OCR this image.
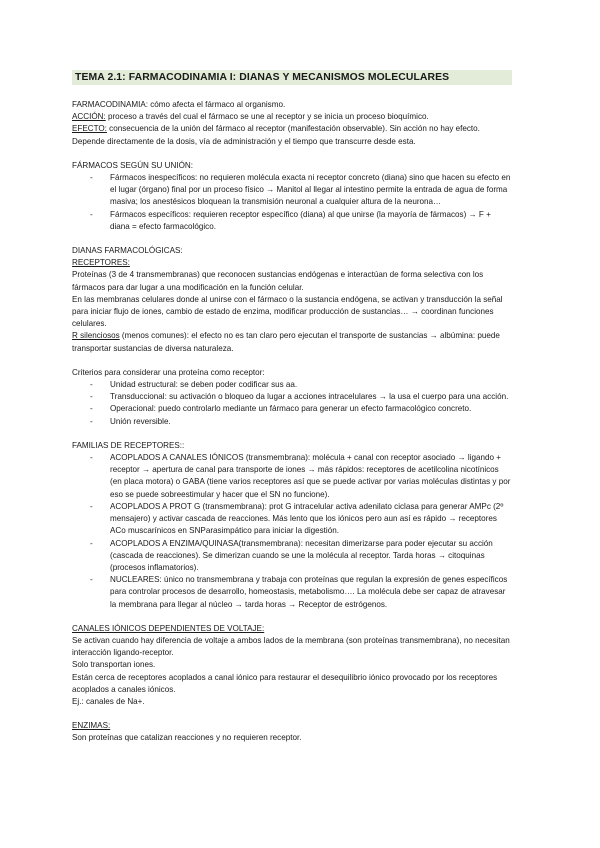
TEMA 2.1: FARMACODINAMIA I: DIANAS Y MECANISMOS MOLECULARES

FARMACODINAMIA: cómo afecta el fármaco al organismo.

ACCIÓN: proceso a través del cual el fármaco se une al receptor y se inicia un proceso bioquímico.

EFECTO: consecuencia de la unión del fármaco al receptor (manifestación observable). Sin acción no hay efecto. Depende directamente de la dosis, vía de administración y el tiempo que transcurre desde esta.

FÁRMACOS SEGÚN SU UNIÓN:

- Fármacos inespecíficos: no requieren molécula exacta ni receptor concreto (diana) sino que hacen su efecto en el lugar (órgano) final por un proceso físico → Manitol al llegar al intestino permite la entrada de agua de forma masiva; los anestésicos bloquean la transmisión neuronal a cualquier altura de la neurona…
- Fármacos específicos: requieren receptor específico (diana) al que unirse (la mayoría de fármacos) → F + diana = efecto farmacológico.

DIANAS FARMACOLÓGICAS:

RECEPTORES:

Proteínas (3 de 4 transmembranas) que reconocen sustancias endógenas e interactúan de forma selectiva con los fármacos para dar lugar a una modificación en la función celular.

En las membranas celulares donde al unirse con el fármaco o la sustancia endógena, se activan y transducción la señal para iniciar flujo de iones, cambio de estado de enzima, modificar producción de sustancias… → coordinan funciones celulares.

R silenciosos (menos comunes): el efecto no es tan claro pero ejecutan el transporte de sustancias → albúmina: puede transportar sustancias de diversa naturaleza.

Criterios para considerar una proteína como receptor:

- Unidad estructural: se deben poder codificar sus aa.
- Transduccional: su activación o bloqueo da lugar a acciones intracelulares → la usa el cuerpo para una acción.
- Operacional: puedo controlarlo mediante un fármaco para generar un efecto farmacológico concreto.
- Unión reversible.

FAMILIAS DE RECEPTORES::

- ACOPLADOS A CANALES IÓNICOS (transmembrana): molécula + canal con receptor asociado → ligando + receptor → apertura de canal para transporte de iones → más rápidos: receptores de acetilcolina nicotínicos (en placa motora) o GABA (tiene varios receptores así que se puede activar por varias moléculas distintas y por eso se puede sobreestimular y hacer que el SN no funcione).
- ACOPLADOS A PROT G (transmembrana): prot G intracelular activa adenilato ciclasa para generar AMPc (2º mensajero) y activar cascada de reacciones. Más lento que los iónicos pero aun así es rápido → receptores ACo muscarínicos en SNParasimpático para iniciar la digestión.
- ACOPLADOS A ENZIMA/QUINASA(transmembrana): necesitan dimerizarse para poder ejecutar su acción (cascada de reacciones). Se dimerizan cuando se une la molécula al receptor. Tarda horas → citoquinas (procesos inflamatorios).
- NUCLEARES: único no transmembrana y trabaja con proteínas que regulan la expresión de genes específicos para controlar procesos de desarrollo, homeostasis, metabolismo…. La molécula debe ser capaz de atravesar la membrana para llegar al núcleo → tarda horas → Receptor de estrógenos.

CANALES IÓNICOS DEPENDIENTES DE VOLTAJE:

Se activan cuando hay diferencia de voltaje a ambos lados de la membrana (son proteínas transmembrana), no necesitan interacción ligando-receptor.

Solo transportan iones.

Están cerca de receptores acoplados a canal iónico para restaurar el desequilibrio iónico provocado por los receptores acoplados a canales iónicos.

Ej.: canales de Na+.

ENZIMAS:

Son proteínas que catalizan reacciones y no requieren receptor.
